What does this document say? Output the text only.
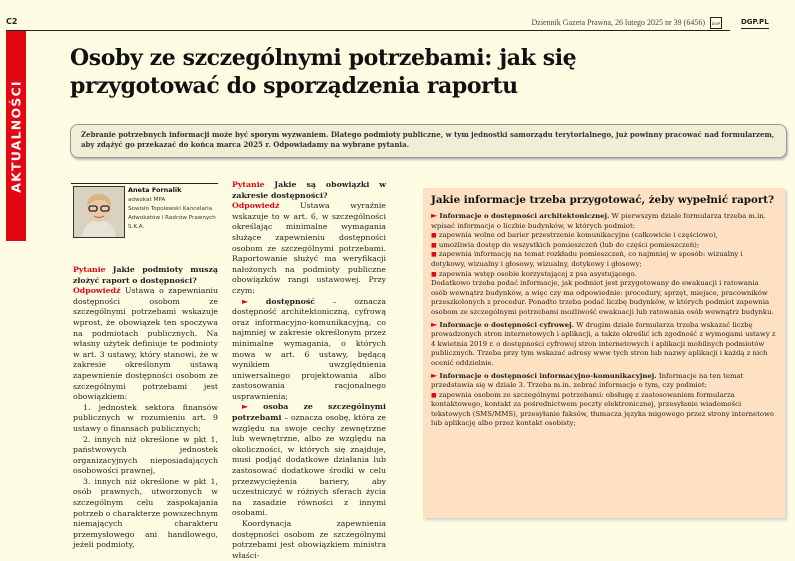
C2	Dziennik Gazeta Prawna, 26 lutego 2025 nr 39 (6456)	DGP	DGP.PL
AKTUALNOŚCI
Osoby ze szczególnymi potrzebami: jak się przygotować do sporządzenia raportu

Zebranie potrzebnych informacji może być sporym wyzwaniem. Dlatego podmioty publiczne, w tym jednostki samorządu terytorialnego, już powinny pracować nad formularzem, aby zdążyć go przekazać do końca marca 2025 r. Odpowiadamy na wybrane pytania.

Aneta Fornalik
adwokat MPA
Sowisło Topolewski Kancelaria Adwokatów i Radców Prawnych S.K.A.

Pytanie Jakie podmioty muszą złożyć raport o dostępności?

Odpowiedź Ustawa o zapewnianiu dostępności osobom ze szczególnymi potrzebami wskazuje wprost, że obowiązek ten spoczywa na podmiotach publicznych. Na własny użytek definiuje te podmioty w art. 3 ustawy, który stanowi, że w zakresie określonym ustawą zapewnienie dostępności osobom ze szczególnymi potrzebami jest obowiązkiem:

1. jednostek sektora finansów publicznych w rozumieniu art. 9 ustawy o finansach publicznych;

2. innych niż określone w pkt 1, państwowych jednostek organizacyjnych nieposiadających osobowości prawnej,

3. innych niż określone w pkt 1, osób prawnych, utworzonych w szczególnym celu zaspokajania potrzeb o charakterze powszechnym niemających charakteru przemysłowego ani handlowego, jeżeli podmioty,

Pytanie Jakie są obowiązki w zakresie dostępności?

Odpowiedź	Ustawa wyraźnie wskazuje to w art. 6, w szczególności określając minimalne wymagania służące zapewnieniu dostępności osobom ze szczególnymi potrzebami. Raportowanie służyć ma weryfikacji nałożonych na podmioty publiczne obowiązków rangi ustawowej. Przy czym:

► dostępność – oznacza dostępność architektoniczną, cyfrową oraz informacyjno-komunikacyjną, co najmniej w zakresie określonym przez minimalne wymagania, o których mowa w art. 6 ustawy, będącą wynikiem uwzględnienia uniwersalnego projektowania albo zastosowania racjonalnego usprawnienia;

► osoba ze szczególnymi potrzebami – oznacza osobę, która ze względu na swoje cechy zewnętrzne lub wewnętrzne, albo ze względu na okoliczności, w których się znajduje, musi podjąć dodatkowe działania lub zastosować dodatkowe środki w celu przezwyciężenia bariery, aby uczestniczyć w różnych sferach życia na zasadzie równości z innymi osobami.

Koordynacja zapewnienia dostępności osobom ze szczególnymi potrzebami jest obowiązkiem ministra właści-

Jakie informacje trzeba przygotować, żeby wypełnić raport?

► Informacje o dostępności architektonicznej. W pierwszym dziale formularza trzeba m.in. wpisać informacje o liczbie budynków, w których podmiot:

■ zapewnia wolne od barier przestrzenie komunikacyjne (całkowicie i częściowo),

■ umożliwia dostęp do wszystkich pomieszczeń (lub do części pomieszczeń);

■ zapewnia informację na temat rozkładu pomieszczeń, co najmniej w sposób: wizualny i dotykowy, wizualny i głosowy, wizualny, dotykowy i głosowy;

■ zapewnia wstęp osobie korzystającej z psa asystującego.

Dodatkowo trzeba podać informacje, jak podmiot jest przygotowany do ewakuacji i ratowania osób wewnątrz budynków, a więc czy ma odpowiednie: procedury, sprzęt, miejsce, pracowników przeszkolonych z procedur. Ponadto trzeba podać liczbę budynków, w których podmiot zapewnia osobom ze szczególnymi potrzebami możliwość ewakuacji lub ratowania osób wewnątrz budynku.

► Informacje o dostępności cyfrowej. W drugim dziale formularza trzeba wskazać liczbę prowadzonych stron internetowych i aplikacji, a także określić ich zgodność z wymogami ustawy z 4 kwietnia 2019 r. o dostępności cyfrowej stron internetowych i aplikacji mobilnych podmiotów publicznych. Trzeba przy tym wskazać adresy www tych stron lub nazwy aplikacji i każdą z nich ocenić oddzielnie.

► Informacje o dostępności informacyjno-komunikacyjnej. Informacje na ten temat przedstawia się w dziale 3. Trzeba m.in. zebrać informacje o tym, czy podmiot:

■ zapewnia osobom ze szczególnymi potrzebami: obsługę z zastosowaniem formularza kontaktowego, kontakt za pośrednictwem poczty elektronicznej, przesyłanie wiadomości tekstowych (SMS/MMS), przesyłanie faksów, tłumacza języka migowego przez strony internetowe lub aplikację albo przez kontakt osobisty;
